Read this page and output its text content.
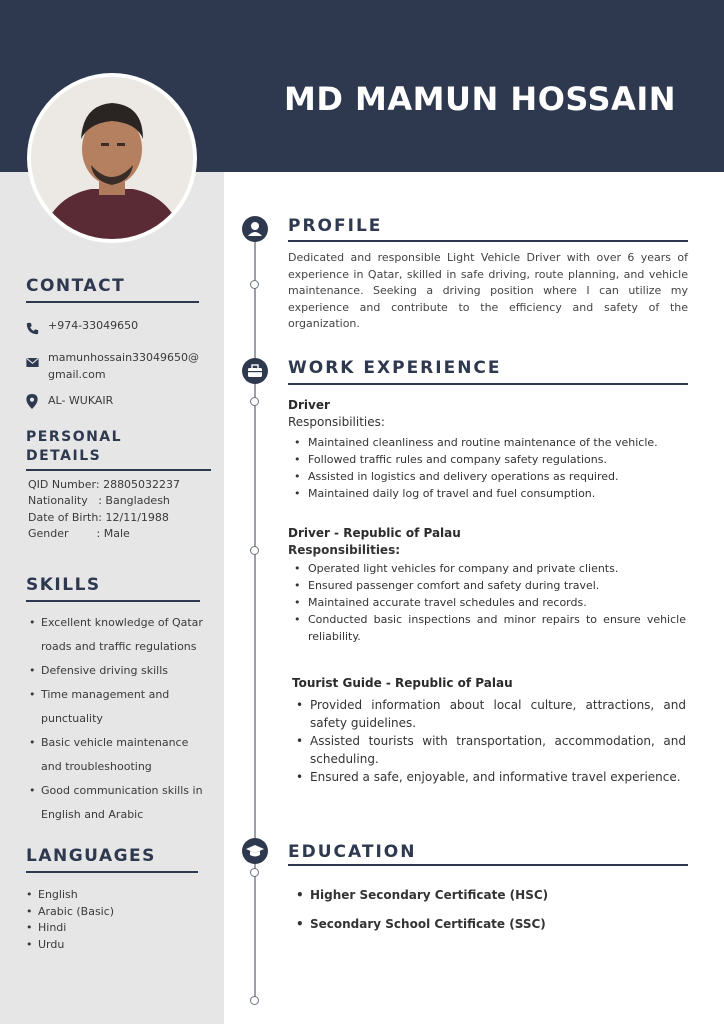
MD MAMUN HOSSAIN
CONTACT
+974-33049650
mamunhossain33049650@
gmail.com
AL- WUKAIR
PERSONAL
DETAILS
QID Number: 28805032237
Nationality   : Bangladesh
Date of Birth: 12/11/1988
Gender        : Male
SKILLS
• Excellent knowledge of Qatar roads and traffic regulations
• Defensive driving skills
• Time management and punctuality
• Basic vehicle maintenance and troubleshooting
• Good communication skills in English and Arabic
LANGUAGES
• English
• Arabic (Basic)
• Hindi
• Urdu
PROFILE
Dedicated and responsible Light Vehicle Driver with over 6 years of experience in Qatar, skilled in safe driving, route planning, and vehicle maintenance. Seeking a driving position where I can utilize my experience and contribute to the efficiency and safety of the organization.
WORK EXPERIENCE
Driver
Responsibilities:
• Maintained cleanliness and routine maintenance of the vehicle.
• Followed traffic rules and company safety regulations.
• Assisted in logistics and delivery operations as required.
• Maintained daily log of travel and fuel consumption.
Driver - Republic of Palau
Responsibilities:
• Operated light vehicles for company and private clients.
• Ensured passenger comfort and safety during travel.
• Maintained accurate travel schedules and records.
• Conducted basic inspections and minor repairs to ensure vehicle reliability.
Tourist Guide - Republic of Palau
• Provided information about local culture, attractions, and safety guidelines.
• Assisted tourists with transportation, accommodation, and scheduling.
• Ensured a safe, enjoyable, and informative travel experience.
EDUCATION
• Higher Secondary Certificate (HSC)
• Secondary School Certificate (SSC)
